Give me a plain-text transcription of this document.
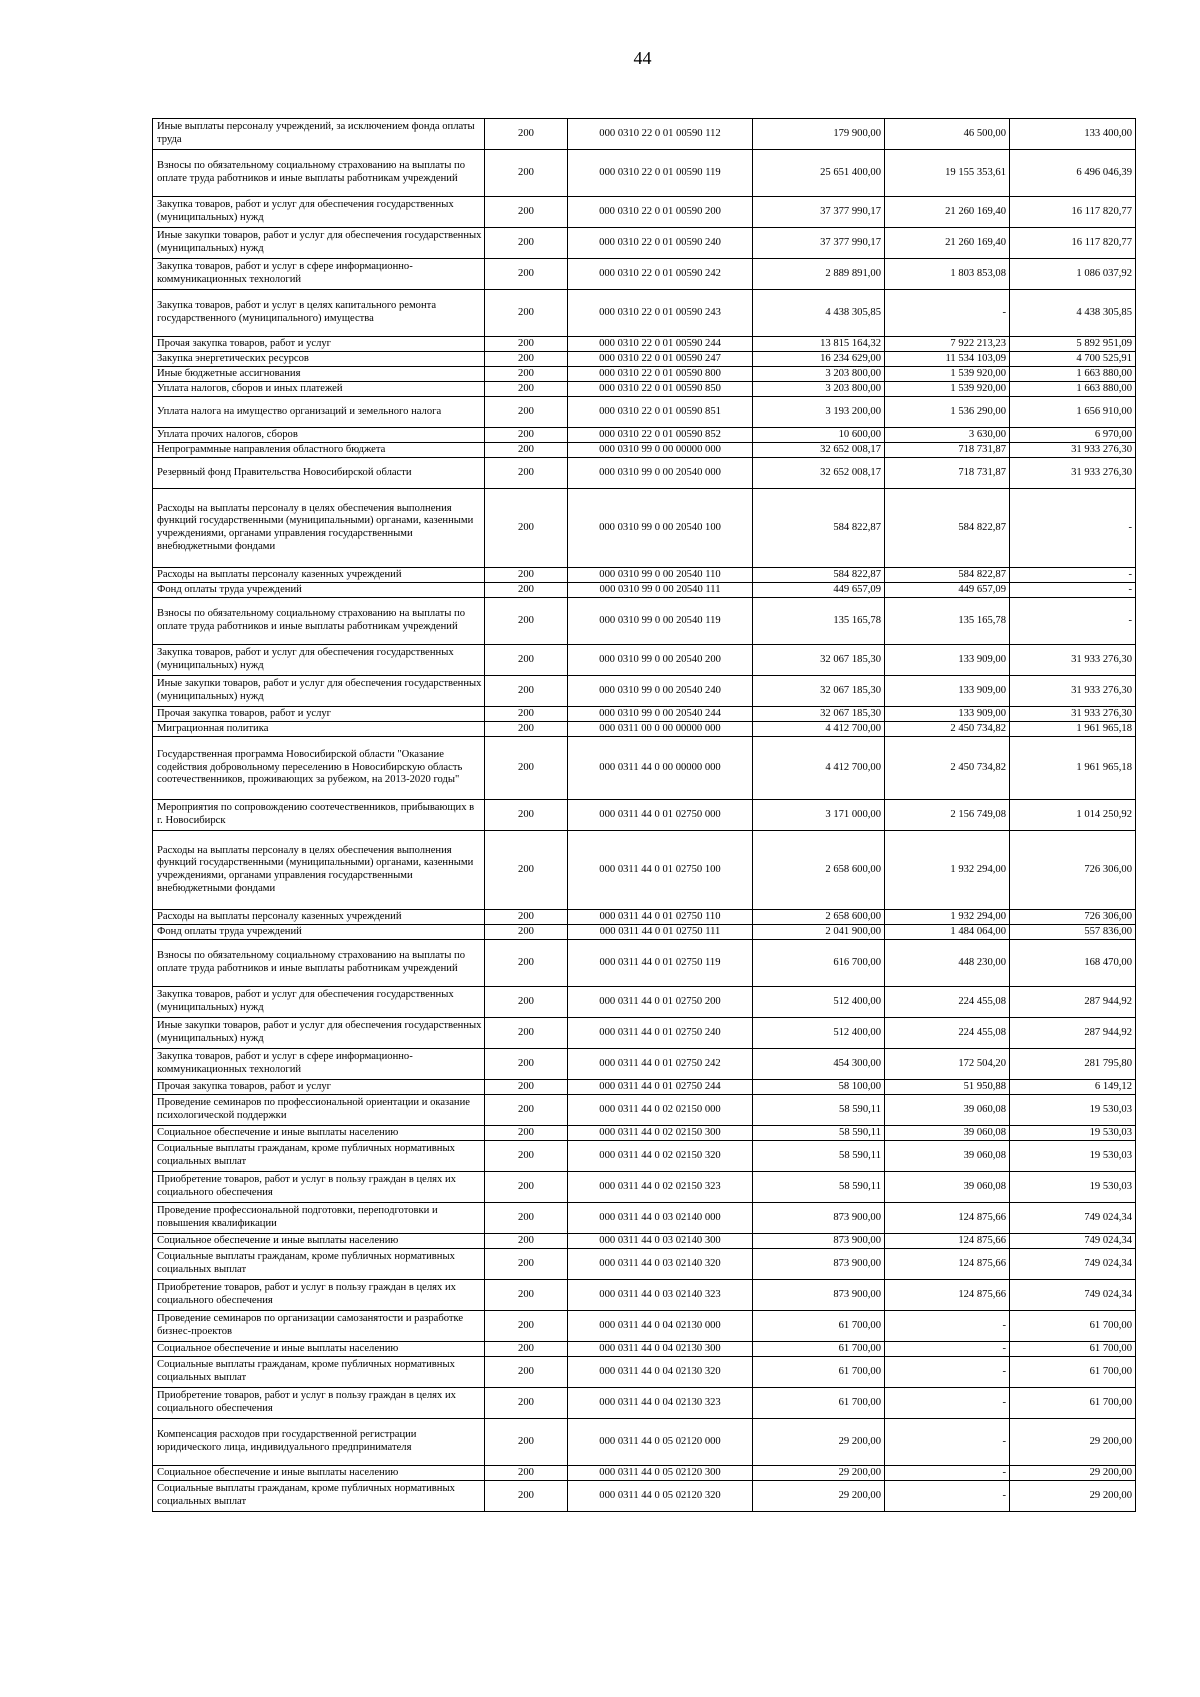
44
Иные выплаты персоналу учреждений, за исключением фонда оплаты труда	200	000 0310 22 0 01 00590 112	179 900,00	46 500,00	133 400,00
Взносы по обязательному социальному страхованию на выплаты по оплате труда работников и иные выплаты работникам учреждений	200	000 0310 22 0 01 00590 119	25 651 400,00	19 155 353,61	6 496 046,39
Закупка товаров, работ и услуг для обеспечения государственных (муниципальных) нужд	200	000 0310 22 0 01 00590 200	37 377 990,17	21 260 169,40	16 117 820,77
Иные закупки товаров, работ и услуг для обеспечения государственных (муниципальных) нужд	200	000 0310 22 0 01 00590 240	37 377 990,17	21 260 169,40	16 117 820,77
Закупка товаров, работ и услуг в сфере информационно-коммуникационных технологий	200	000 0310 22 0 01 00590 242	2 889 891,00	1 803 853,08	1 086 037,92
Закупка товаров, работ и услуг в целях капитального ремонта государственного (муниципального) имущества	200	000 0310 22 0 01 00590 243	4 438 305,85	-	4 438 305,85
Прочая закупка товаров, работ и услуг	200	000 0310 22 0 01 00590 244	13 815 164,32	7 922 213,23	5 892 951,09
Закупка энергетических ресурсов	200	000 0310 22 0 01 00590 247	16 234 629,00	11 534 103,09	4 700 525,91
Иные бюджетные ассигнования	200	000 0310 22 0 01 00590 800	3 203 800,00	1 539 920,00	1 663 880,00
Уплата налогов, сборов и иных платежей	200	000 0310 22 0 01 00590 850	3 203 800,00	1 539 920,00	1 663 880,00
Уплата налога на имущество организаций и земельного налога	200	000 0310 22 0 01 00590 851	3 193 200,00	1 536 290,00	1 656 910,00
Уплата прочих налогов, сборов	200	000 0310 22 0 01 00590 852	10 600,00	3 630,00	6 970,00
Непрограммные направления областного бюджета	200	000 0310 99 0 00 00000 000	32 652 008,17	718 731,87	31 933 276,30
Резервный фонд Правительства Новосибирской области	200	000 0310 99 0 00 20540 000	32 652 008,17	718 731,87	31 933 276,30
Расходы на выплаты персоналу в целях обеспечения выполнения функций государственными (муниципальными) органами, казенными учреждениями, органами управления государственными внебюджетными фондами	200	000 0310 99 0 00 20540 100	584 822,87	584 822,87	-
Расходы на выплаты персоналу казенных учреждений	200	000 0310 99 0 00 20540 110	584 822,87	584 822,87	-
Фонд оплаты труда учреждений	200	000 0310 99 0 00 20540 111	449 657,09	449 657,09	-
Взносы по обязательному социальному страхованию на выплаты по оплате труда работников и иные выплаты работникам учреждений	200	000 0310 99 0 00 20540 119	135 165,78	135 165,78	-
Закупка товаров, работ и услуг для обеспечения государственных (муниципальных) нужд	200	000 0310 99 0 00 20540 200	32 067 185,30	133 909,00	31 933 276,30
Иные закупки товаров, работ и услуг для обеспечения государственных (муниципальных) нужд	200	000 0310 99 0 00 20540 240	32 067 185,30	133 909,00	31 933 276,30
Прочая закупка товаров, работ и услуг	200	000 0310 99 0 00 20540 244	32 067 185,30	133 909,00	31 933 276,30
Миграционная политика	200	000 0311 00 0 00 00000 000	4 412 700,00	2 450 734,82	1 961 965,18
Государственная программа Новосибирской области "Оказание содействия добровольному переселению в Новосибирскую область соотечественников, проживающих за рубежом, на 2013-2020 годы"	200	000 0311 44 0 00 00000 000	4 412 700,00	2 450 734,82	1 961 965,18
Мероприятия по сопровождению соотечественников, прибывающих в г. Новосибирск	200	000 0311 44 0 01 02750 000	3 171 000,00	2 156 749,08	1 014 250,92
Расходы на выплаты персоналу в целях обеспечения выполнения функций государственными (муниципальными) органами, казенными учреждениями, органами управления государственными внебюджетными фондами	200	000 0311 44 0 01 02750 100	2 658 600,00	1 932 294,00	726 306,00
Расходы на выплаты персоналу казенных учреждений	200	000 0311 44 0 01 02750 110	2 658 600,00	1 932 294,00	726 306,00
Фонд оплаты труда учреждений	200	000 0311 44 0 01 02750 111	2 041 900,00	1 484 064,00	557 836,00
Взносы по обязательному социальному страхованию на выплаты по оплате труда работников и иные выплаты работникам учреждений	200	000 0311 44 0 01 02750 119	616 700,00	448 230,00	168 470,00
Закупка товаров, работ и услуг для обеспечения государственных (муниципальных) нужд	200	000 0311 44 0 01 02750 200	512 400,00	224 455,08	287 944,92
Иные закупки товаров, работ и услуг для обеспечения государственных (муниципальных) нужд	200	000 0311 44 0 01 02750 240	512 400,00	224 455,08	287 944,92
Закупка товаров, работ и услуг в сфере информационно-коммуникационных технологий	200	000 0311 44 0 01 02750 242	454 300,00	172 504,20	281 795,80
Прочая закупка товаров, работ и услуг	200	000 0311 44 0 01 02750 244	58 100,00	51 950,88	6 149,12
Проведение семинаров по профессиональной ориентации и оказание психологической поддержки	200	000 0311 44 0 02 02150 000	58 590,11	39 060,08	19 530,03
Социальное обеспечение и иные выплаты населению	200	000 0311 44 0 02 02150 300	58 590,11	39 060,08	19 530,03
Социальные выплаты гражданам, кроме публичных нормативных социальных выплат	200	000 0311 44 0 02 02150 320	58 590,11	39 060,08	19 530,03
Приобретение товаров, работ и услуг в пользу граждан в целях их социального обеспечения	200	000 0311 44 0 02 02150 323	58 590,11	39 060,08	19 530,03
Проведение профессиональной подготовки, переподготовки и повышения квалификации	200	000 0311 44 0 03 02140 000	873 900,00	124 875,66	749 024,34
Социальное обеспечение и иные выплаты населению	200	000 0311 44 0 03 02140 300	873 900,00	124 875,66	749 024,34
Социальные выплаты гражданам, кроме публичных нормативных социальных выплат	200	000 0311 44 0 03 02140 320	873 900,00	124 875,66	749 024,34
Приобретение товаров, работ и услуг в пользу граждан в целях их социального обеспечения	200	000 0311 44 0 03 02140 323	873 900,00	124 875,66	749 024,34
Проведение семинаров по организации самозанятости и разработке бизнес-проектов	200	000 0311 44 0 04 02130 000	61 700,00	-	61 700,00
Социальное обеспечение и иные выплаты населению	200	000 0311 44 0 04 02130 300	61 700,00	-	61 700,00
Социальные выплаты гражданам, кроме публичных нормативных социальных выплат	200	000 0311 44 0 04 02130 320	61 700,00	-	61 700,00
Приобретение товаров, работ и услуг в пользу граждан в целях их социального обеспечения	200	000 0311 44 0 04 02130 323	61 700,00	-	61 700,00
Компенсация расходов при государственной регистрации юридического лица, индивидуального предпринимателя	200	000 0311 44 0 05 02120 000	29 200,00	-	29 200,00
Социальное обеспечение и иные выплаты населению	200	000 0311 44 0 05 02120 300	29 200,00	-	29 200,00
Социальные выплаты гражданам, кроме публичных нормативных социальных выплат	200	000 0311 44 0 05 02120 320	29 200,00	-	29 200,00
